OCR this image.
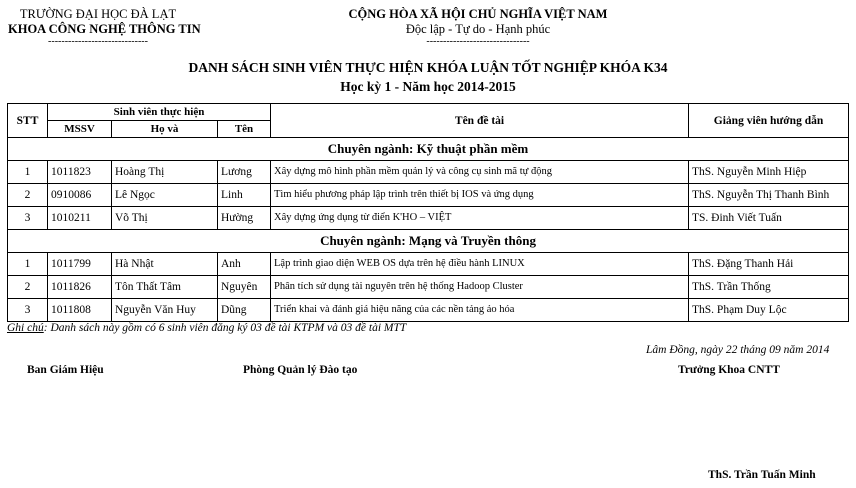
TRƯỜNG ĐẠI HỌC ĐÀ LẠT
KHOA CÔNG NGHỆ THÔNG TIN
------------------------------
CỘNG HÒA XÃ HỘI CHỦ NGHĨA VIỆT NAM
Độc lập - Tự do - Hạnh phúc
-------------------------------
DANH SÁCH SINH VIÊN THỰC HIỆN KHÓA LUẬN TỐT NGHIỆP KHÓA K34
Học kỳ 1 - Năm học 2014-2015
STT	Sinh viên thực hiện			Tên đề tài	Giảng viên hướng dẫn
	MSSV	Họ và	Tên		
Chuyên ngành: Kỹ thuật phần mềm					
1	1011823	Hoàng Thị	Lương	Xây dựng mô hình phần mềm quản lý và công cụ sinh mã tự động	ThS. Nguyễn Minh Hiệp
2	0910086	Lê Ngọc	Linh	Tìm hiểu phương pháp lập trình trên thiết bị IOS và ứng dụng	ThS. Nguyễn Thị Thanh Bình
3	1010211	Võ Thị	Hường	Xây dựng ứng dụng từ điển K'HO – VIỆT	TS. Đinh Viết Tuấn
Chuyên ngành: Mạng và Truyền thông					
1	1011799	Hà Nhật	Anh	Lập trình giao diện WEB OS dựa trên hệ điều hành LINUX	ThS. Đặng Thanh Hải
2	1011826	Tôn Thất Tâm	Nguyên	Phân tích sử dụng tài nguyên trên hệ thống Hadoop Cluster	ThS. Trần Thống
3	1011808	Nguyễn Văn Huy	Dũng	Triển khai và đánh giá hiệu năng của các nền tảng ảo hóa	ThS. Phạm Duy Lộc
Ghi chú: Danh sách này gồm có 6 sinh viên đăng ký 03 đề tài KTPM và 03 đề tài MTT
Lâm Đồng, ngày 22 tháng 09 năm 2014
Ban Giám Hiệu	Phòng Quản lý Đào tạo	Trưởng Khoa CNTT
ThS. Trần Tuấn Minh
